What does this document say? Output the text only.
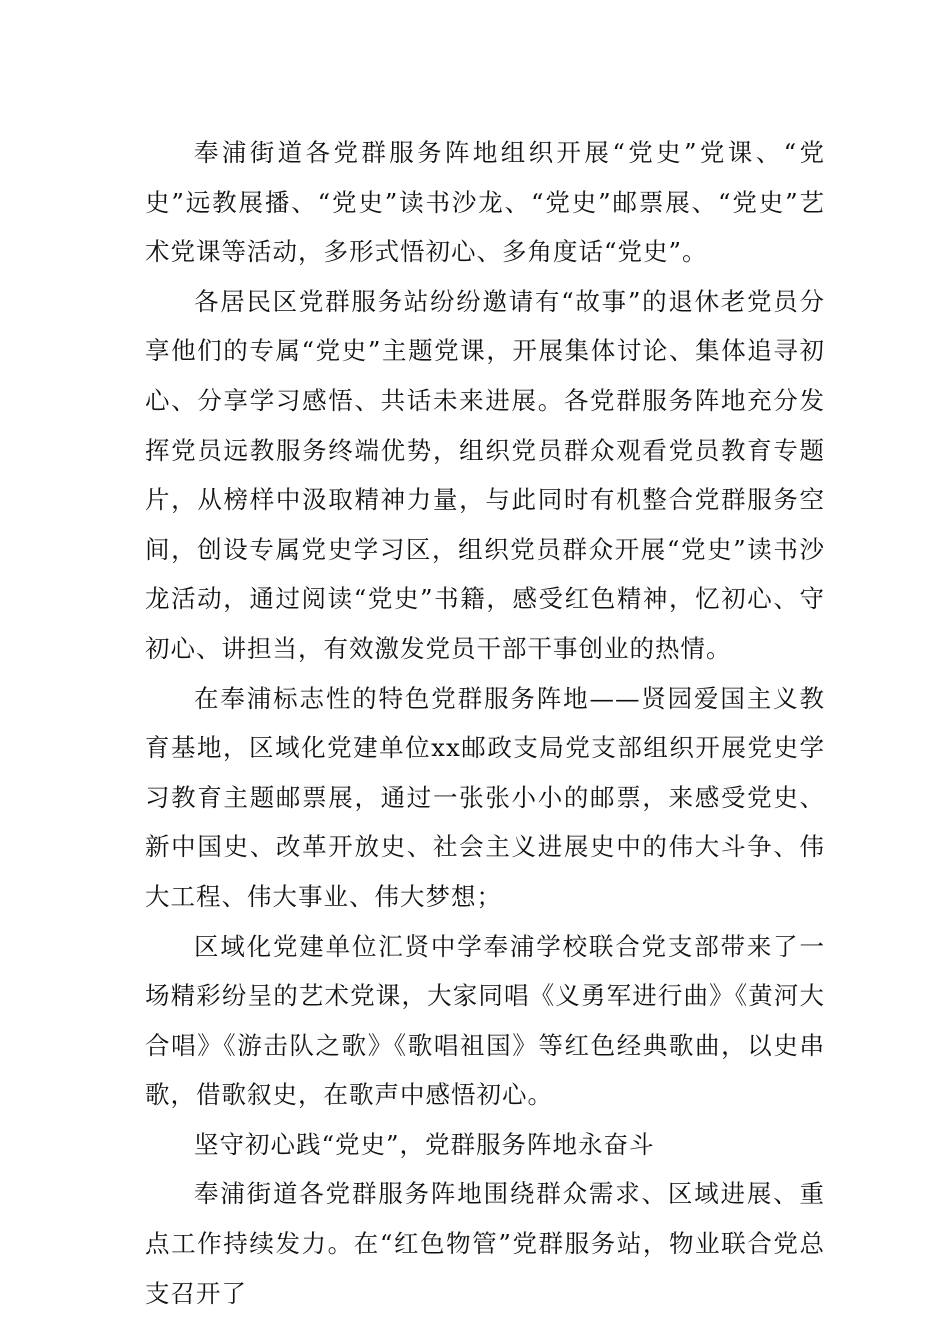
奉浦街道各党群服务阵地组织开展“党史”党课、“党史”远教展播、“党史”读书沙龙、“党史”邮票展、“党史”艺术党课等活动，多形式悟初心、多角度话“党史”。

各居民区党群服务站纷纷邀请有“故事”的退休老党员分享他们的专属“党史”主题党课，开展集体讨论、集体追寻初心、分享学习感悟、共话未来进展。各党群服务阵地充分发挥党员远教服务终端优势，组织党员群众观看党员教育专题片，从榜样中汲取精神力量，与此同时有机整合党群服务空间，创设专属党史学习区，组织党员群众开展“党史”读书沙龙活动，通过阅读“党史”书籍，感受红色精神，忆初心、守初心、讲担当，有效激发党员干部干事创业的热情。

在奉浦标志性的特色党群服务阵地——贤园爱国主义教育基地，区域化党建单位xx邮政支局党支部组织开展党史学习教育主题邮票展，通过一张张小小的邮票，来感受党史、新中国史、改革开放史、社会主义进展史中的伟大斗争、伟大工程、伟大事业、伟大梦想；

区域化党建单位汇贤中学奉浦学校联合党支部带来了一场精彩纷呈的艺术党课，大家同唱《义勇军进行曲》《黄河大合唱》《游击队之歌》《歌唱祖国》等红色经典歌曲，以史串歌，借歌叙史，在歌声中感悟初心。

坚守初心践“党史”，党群服务阵地永奋斗

奉浦街道各党群服务阵地围绕群众需求、区域进展、重点工作持续发力。在“红色物管”党群服务站，物业联合党总支召开了
